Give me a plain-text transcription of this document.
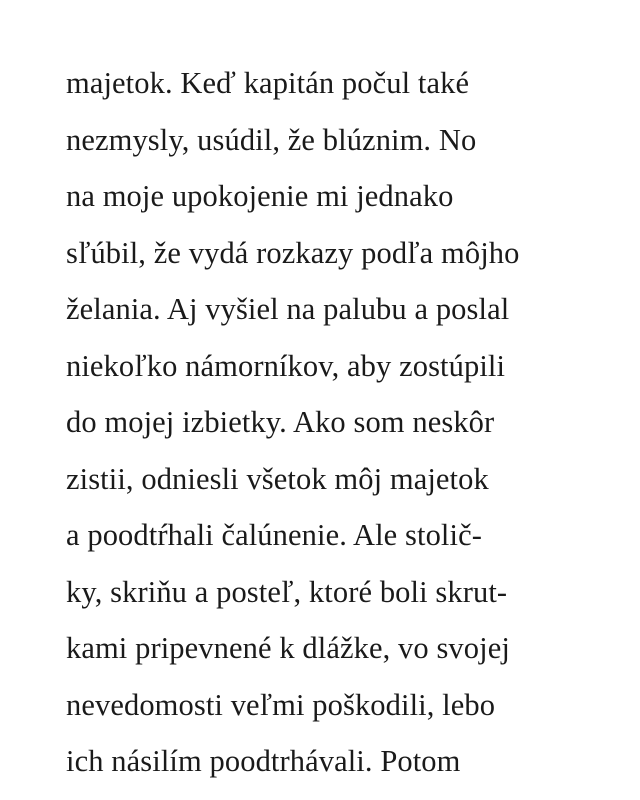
majetok. Keď kapitán počul také
nezmysly, usúdil, že blúznim. No
na moje upokojenie mi jednako
sľúbil, že vydá rozkazy podľa môjho
želania. Aj vyšiel na palubu a poslal
niekoľko námorníkov, aby zostúpili
do mojej izbietky. Ako som neskôr
zistii, odniesli všetok môj majetok
a poodtŕhali čalúnenie. Ale stolič-
ky, skriňu a posteľ, ktoré boli skrut-
kami pripevnené k dlážke, vo svojej
nevedomosti veľmi poškodili, lebo
ich násilím poodtrhávali. Potom
